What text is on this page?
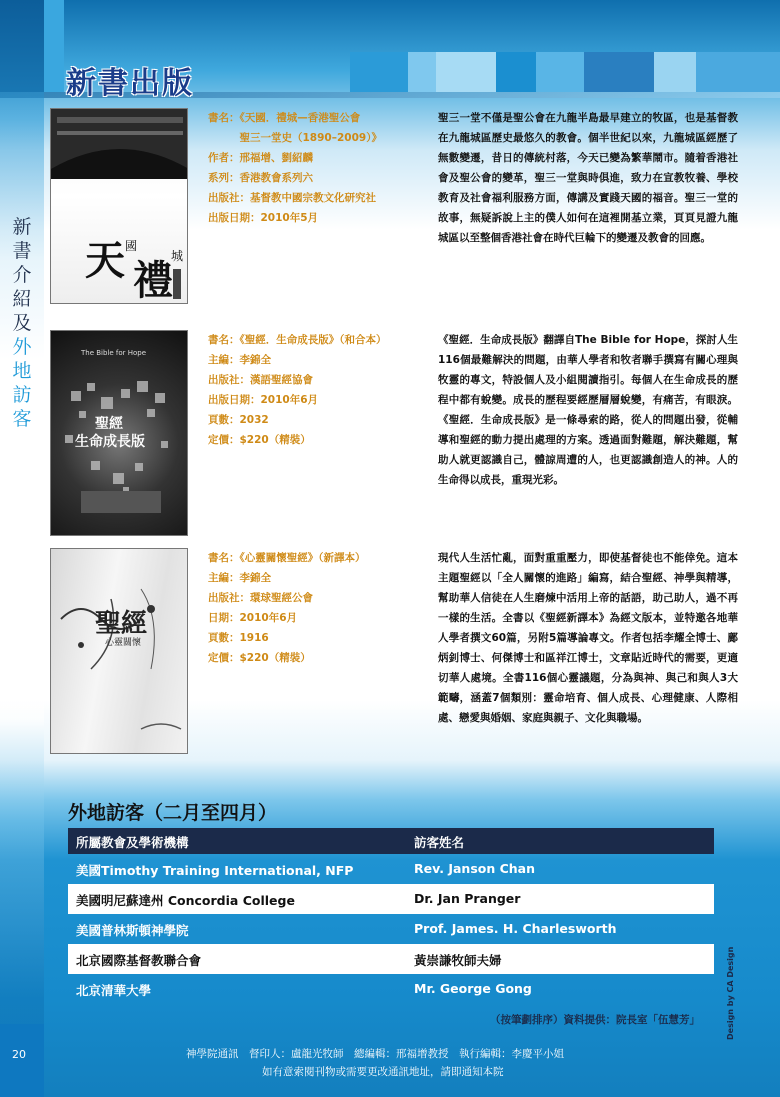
新書出版
新
書
介
紹
及
外
地
訪
客
天 國
禮
城
書名：《天國．禮城—香港聖公會
　　　聖三一堂史（1890–2009）》
作者：邢福增、劉紹麟
系列：香港教會系列六
出版社：基督教中國宗教文化研究社
出版日期：2010年5月
聖三一堂不僅是聖公會在九龍半島最早建立的牧區，也是基督教在九龍城區歷史最悠久的教會。個半世紀以來，九龍城區經歷了無數變遷，昔日的傳統村落，今天已變為繁華鬧市。隨着香港社會及聖公會的變革，聖三一堂與時俱進，致力在宣教牧養、學校教育及社會福利服務方面，傳講及實踐天國的福音。聖三一堂的故事，無疑訴說上主的僕人如何在這裡開基立業，頁頁見證九龍城區以至整個香港社會在時代巨輪下的變遷及教會的回應。
The Bible for Hope
聖經
生命成長版
書名：《聖經．生命成長版》（和合本）
主編：李錦全
出版社：漢語聖經協會
出版日期：2010年6月
頁數：2032
定價：$220（精裝）
《聖經．生命成長版》翻譯自The Bible for Hope，探討人生116個最難解決的問題，由華人學者和牧者聯手撰寫有關心理與牧靈的專文，特設個人及小組閱讀指引。每個人在生命成長的歷程中都有蛻變。成長的歷程要經歷層層蛻變，有痛苦，有眼淚。《聖經．生命成長版》是一條尋索的路，從人的問題出發，從輔導和聖經的動力提出處理的方案。透過面對難題，解決難題，幫助人就更認識自己，體諒周遭的人，也更認識創造人的神。人的生命得以成長，重現光彩。
聖經
心靈關懷
書名：《心靈關懷聖經》（新譯本）
主編：李錦全
出版社：環球聖經公會
日期：2010年6月
頁數：1916
定價：$220（精裝）
現代人生活忙亂，面對重重壓力，即使基督徒也不能倖免。這本主題聖經以「全人關懷的進路」編寫，結合聖經、神學與精導，幫助華人信徒在人生磨煉中活用上帝的話語，助己助人，過不再一樣的生活。全書以《聖經新譯本》為經文版本，並特邀各地華人學者撰文60篇，另附5篇導論專文。作者包括李耀全博士、鄺炳釗博士、何傑博士和區祥江博士，文章貼近時代的需要，更適切華人處境。全書116個心靈議題，分為與神、與己和與人3大範疇，涵蓋7個類別：靈命培育、個人成長、心理健康、人際相處、戀愛與婚姻、家庭與親子、文化與職場。
外地訪客（二月至四月）
所屬教會及學術機構	訪客姓名
美國Timothy Training International, NFP	Rev. Janson Chan
美國明尼蘇達州 Concordia College	Dr. Jan Pranger
美國普林斯頓神學院	Prof. James. H. Charlesworth
北京國際基督教聯合會	黃崇謙牧師夫婦
北京清華大學	Mr. George Gong
（按筆劃排序）資料提供：院長室「伍慧芳」
20	神學院通訊　督印人：盧龍光牧師　總編輯：邢福增教授　執行編輯：李慶平小姐
如有意索閱刊物或需要更改通訊地址，請即通知本院
Design by CA Design
